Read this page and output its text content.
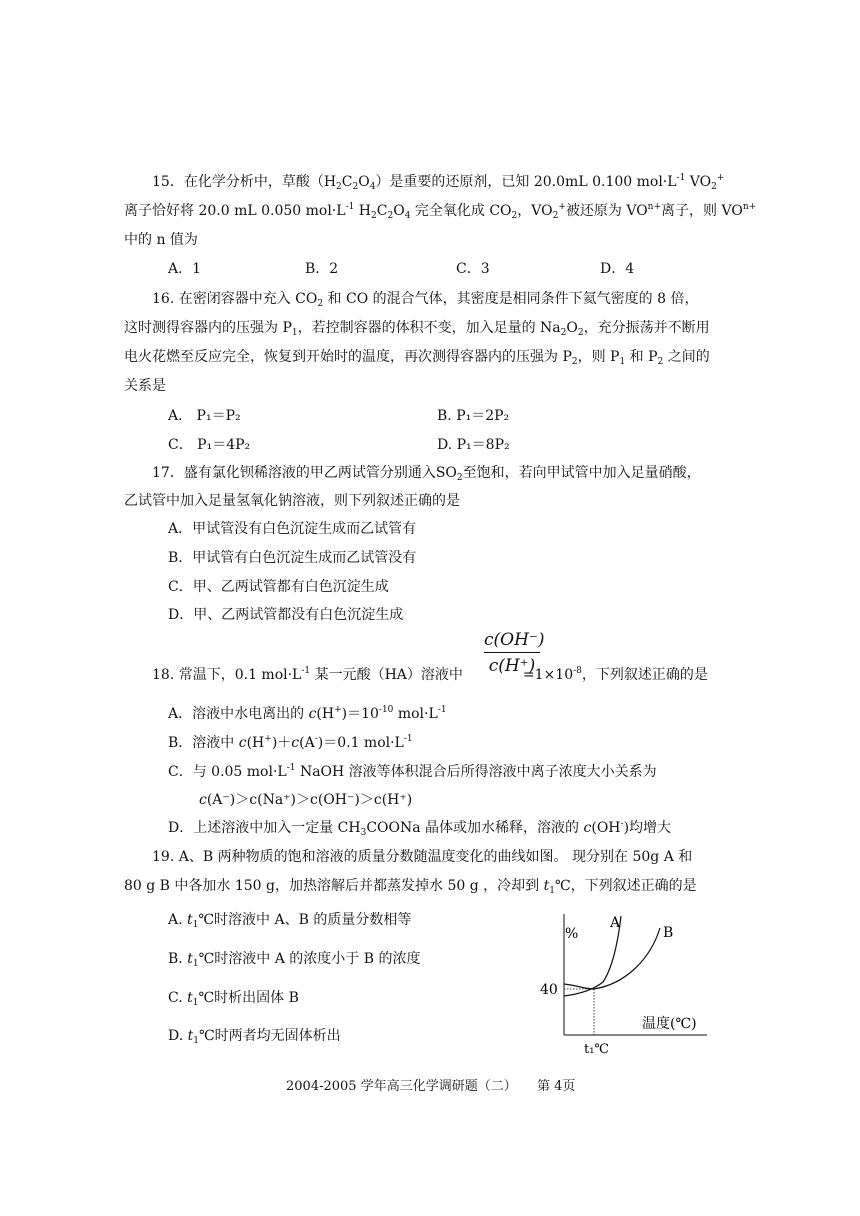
15．在化学分析中，草酸$(H_2C_2O_4)$是重要的还原剂，已知 20.0mL 0.100 $mol\cdot L^{-1}$ $VO_2^+$
离子恰好将 20.0 mL 0.050 $mol\cdot L^{-1}$ $H_2C_2O_4$ 完全氧化成 $CO_2$，$VO_2^+$被还原为 $VO^{n+}$离子，则 $VO^{n+}$
中的 n 值为
A．1	B．2	C．3	D．4
16. 在密闭容器中充入 $CO_2$ 和 CO 的混合气体，其密度是相同条件下氦气密度的 8 倍，
这时测得容器内的压强为 $P_1$，若控制容器的体积不变，加入足量的 $Na_2O_2$，充分振荡并不断用
电火花燃至反应完全，恢复到开始时的温度，再次测得容器内的压强为 $P_2$，则 $P_1$ 和 $P_2$ 之间的
关系是
A． P₁＝P₂	B. P₁＝2P₂
C． P₁＝4P₂	D. P₁＝8P₂
17．盛有氯化钡稀溶液的甲乙两试管分别通入$SO_2$至饱和，若向甲试管中加入足量硝酸，
乙试管中加入足量氢氧化钠溶液，则下列叙述正确的是
A．甲试管没有白色沉淀生成而乙试管有
B．甲试管有白色沉淀生成而乙试管没有
C．甲、乙两试管都有白色沉淀生成
D．甲、乙两试管都没有白色沉淀生成
c(OH⁻)
c(H⁺)
18. 常温下，0.1 $mol\cdot L^{-1}$ 某一元酸（HA）溶液中	$=1\times 10^{-8}$，下列叙述正确的是
A．溶液中水电离出的 $c(H^+)=10^{-10}$ $mol\cdot L^{-1}$
B．溶液中 c(H+)＋c(A-)＝0.1 $mol\cdot L^{-1}$
C．与 0.05 $mol\cdot L^{-1}$ NaOH 溶液等体积混合后所得溶液中离子浓度大小关系为
c(A⁻)＞c(Na⁺)＞c(OH⁻)＞c(H⁺)
D．上述溶液中加入一定量 $CH_3COONa$ 晶体或加水稀释，溶液的 c(OH-)均增大
19. A、B 两种物质的饱和溶液的质量分数随温度变化的曲线如图。 现分别在 50g A 和
80 g B 中各加水 150 g，加热溶解后并都蒸发掉水 50 g ，冷却到 $t_1℃$，下列叙述正确的是
A. $t_1℃$时溶液中 A、B 的质量分数相等
B. $t_1℃$时溶液中 A 的浓度小于 B 的浓度
C. $t_1℃$时析出固体 B
D. $t_1℃$时两者均无固体析出
%
40
A
B
温度(℃)
t₁℃
2004-2005 学年高三化学调研题（二） 第 4页
